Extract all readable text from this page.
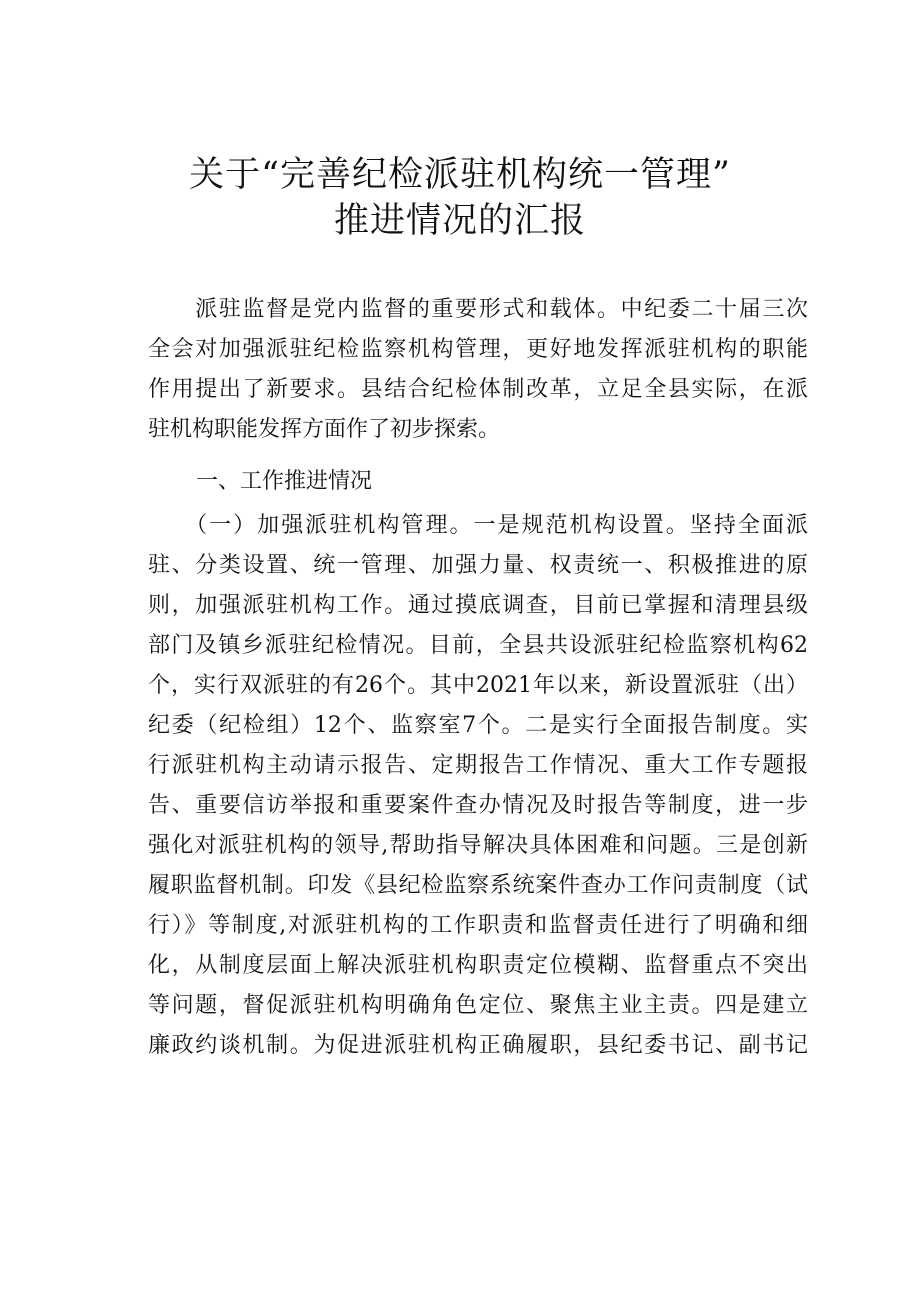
关于“完善纪检派驻机构统一管理”
推进情况的汇报
　　派驻监督是党内监督的重要形式和载体。中纪委二十届三次
全会对加强派驻纪检监察机构管理，更好地发挥派驻机构的职能
作用提出了新要求。县结合纪检体制改革，立足全县实际，在派
驻机构职能发挥方面作了初步探索。
一、工作推进情况
　　（一）加强派驻机构管理。一是规范机构设置。坚持全面派
驻、分类设置、统一管理、加强力量、权责统一、积极推进的原
则，加强派驻机构工作。通过摸底调查，目前已掌握和清理县级
部门及镇乡派驻纪检情况。目前，全县共设派驻纪检监察机构62
个，实行双派驻的有26个。其中2021年以来，新设置派驻（出）
纪委（纪检组）12个、监察室7个。二是实行全面报告制度。实
行派驻机构主动请示报告、定期报告工作情况、重大工作专题报
告、重要信访举报和重要案件查办情况及时报告等制度，进一步
强化对派驻机构的领导,帮助指导解决具体困难和问题。三是创新
履职监督机制。印发《县纪检监察系统案件查办工作问责制度（试
行）》等制度,对派驻机构的工作职责和监督责任进行了明确和细
化，从制度层面上解决派驻机构职责定位模糊、监督重点不突出
等问题，督促派驻机构明确角色定位、聚焦主业主责。四是建立
廉政约谈机制。为促进派驻机构正确履职，县纪委书记、副书记
